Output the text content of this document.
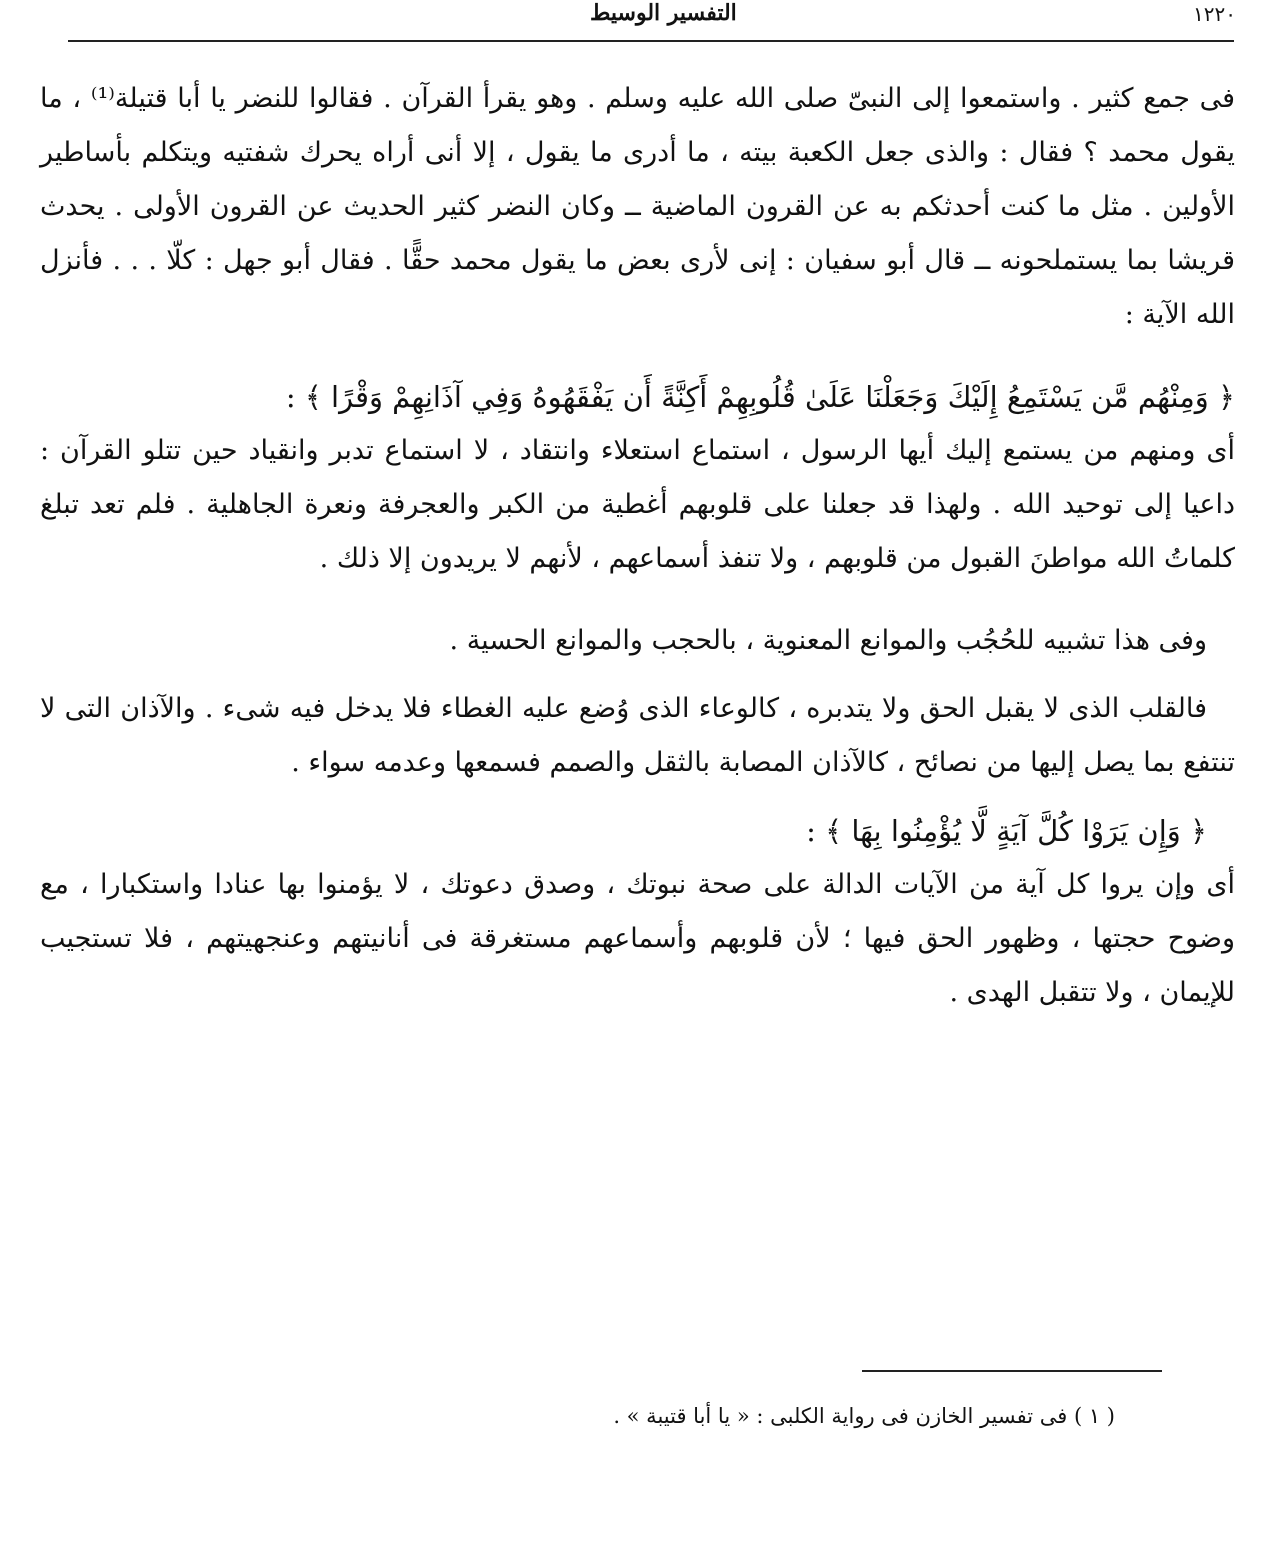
١٢٢٠
التفسير الوسيط

فى جمع كثير . واستمعوا إلى النبىّ صلى الله عليه وسلم . وهو يقرأ القرآن . فقالوا للنضر يا أبا قتيلة⁽¹⁾ ، ما يقول محمد ؟ فقال : والذى جعل الكعبة بيته ، ما أدرى ما يقول ، إلا أنى أراه يحرك شفتيه ويتكلم بأساطير الأولين . مثل ما كنت أحدثكم به عن القرون الماضية ــ وكان النضر كثير الحديث عن القرون الأولى . يحدث قريشا بما يستملحونه ــ قال أبو سفيان : إنى لأرى بعض ما يقول محمد حقًّا . فقال أبو جهل : كلّا . . . فأنزل الله الآية :

﴿ وَمِنْهُم مَّن يَسْتَمِعُ إِلَيْكَ وَجَعَلْنَا عَلَىٰ قُلُوبِهِمْ أَكِنَّةً أَن يَفْقَهُوهُ وَفِي آذَانِهِمْ وَقْرًا ﴾ :

أى ومنهم من يستمع إليك أيها الرسول ، استماع استعلاء وانتقاد ، لا استماع تدبر وانقياد حين تتلو القرآن : داعيا إلى توحيد الله . ولهذا قد جعلنا على قلوبهم أغطية من الكبر والعجرفة ونعرة الجاهلية . فلم تعد تبلغ كلماتُ الله مواطنَ القبول من قلوبهم ، ولا تنفذ أسماعهم ، لأنهم لا يريدون إلا ذلك .

وفى هذا تشبيه للحُجُب والموانع المعنوية ، بالحجب والموانع الحسية .

فالقلب الذى لا يقبل الحق ولا يتدبره ، كالوعاء الذى وُضع عليه الغطاء فلا يدخل فيه شىء . والآذان التى لا تنتفع بما يصل إليها من نصائح ، كالآذان المصابة بالثقل والصمم فسمعها وعدمه سواء .

﴿ وَإِن يَرَوْا كُلَّ آيَةٍ لَّا يُؤْمِنُوا بِهَا ﴾ :

أى وإن يروا كل آية من الآيات الدالة على صحة نبوتك ، وصدق دعوتك ، لا يؤمنوا بها عنادا واستكبارا ، مع وضوح حجتها ، وظهور الحق فيها ؛ لأن قلوبهم وأسماعهم مستغرقة فى أنانيتهم وعنجهيتهم ، فلا تستجيب للإيمان ، ولا تتقبل الهدى .

( ١ ) فى تفسير الخازن فى رواية الكلبى : « يا أبا قتيبة » .
